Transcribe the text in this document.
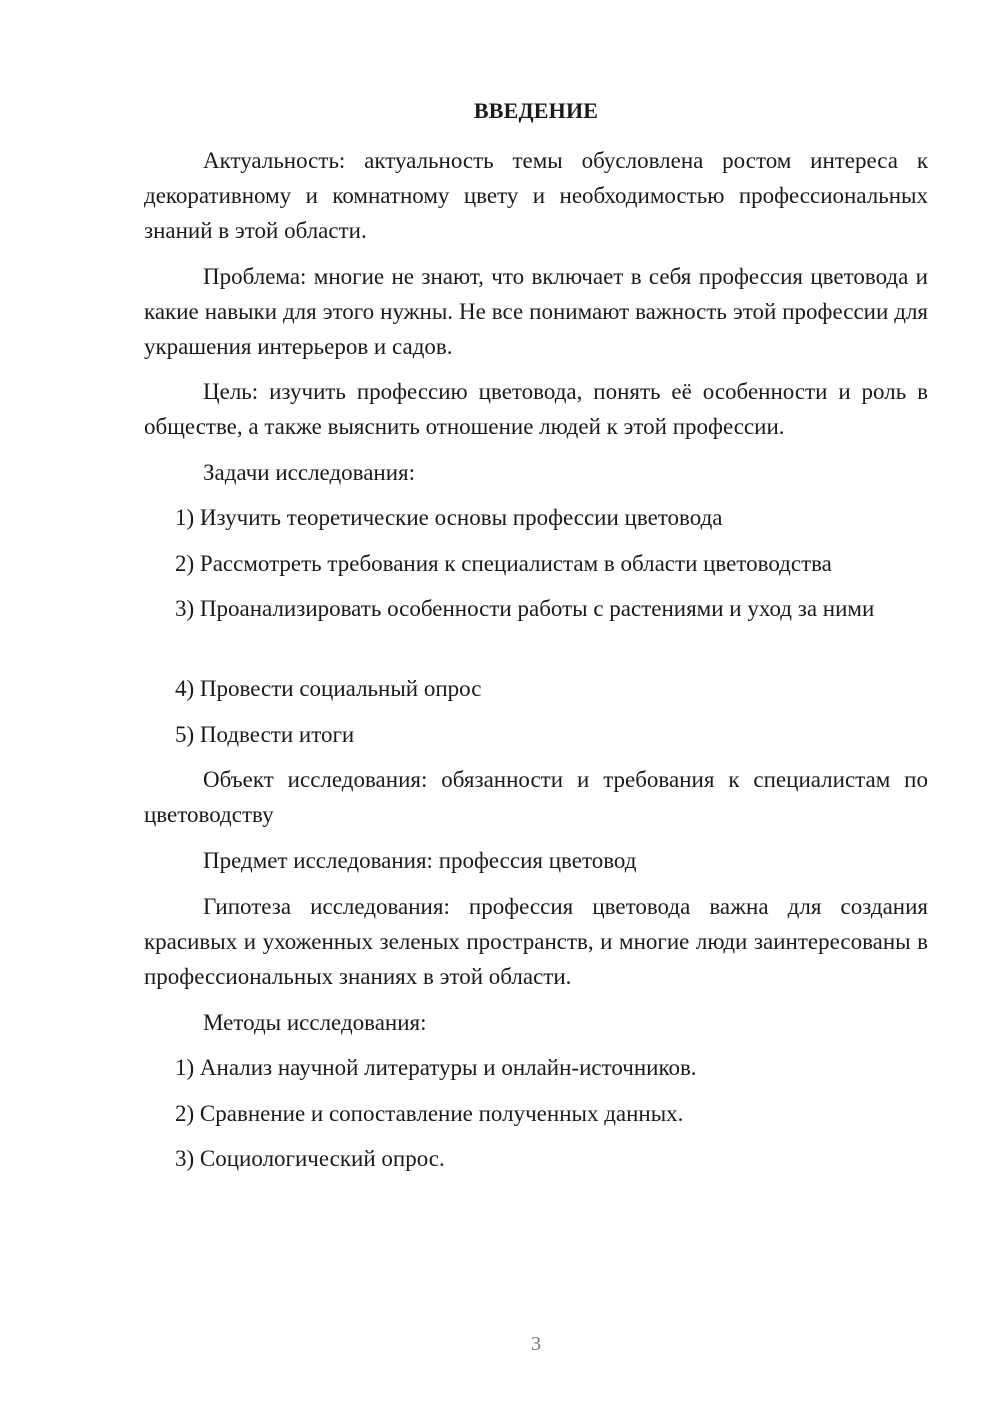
ВВЕДЕНИЕ

Актуальность: актуальность темы обусловлена ростом интереса к декоративному и комнатному цвету и необходимостью профессиональных знаний в этой области.

Проблема: многие не знают, что включает в себя профессия цветовода и какие навыки для этого нужны. Не все понимают важность этой профессии для украшения интерьеров и садов.

Цель: изучить профессию цветовода, понять её особенности и роль в обществе, а также выяснить отношение людей к этой профессии.

Задачи исследования:

1) Изучить теоретические основы профессии цветовода

2) Рассмотреть требования к специалистам в области цветоводства

3) Проанализировать особенности работы с растениями и уход за ними

4) Провести социальный опрос

5) Подвести итоги

Объект исследования: обязанности и требования к специалистам по цветоводству

Предмет исследования: профессия цветовод

Гипотеза исследования: профессия цветовода важна для создания красивых и ухоженных зеленых пространств, и многие люди заинтересованы в профессиональных знаниях в этой области.

Методы исследования:

1) Анализ научной литературы и онлайн-источников.

2) Сравнение и сопоставление полученных данных.

3) Социологический опрос.

3
